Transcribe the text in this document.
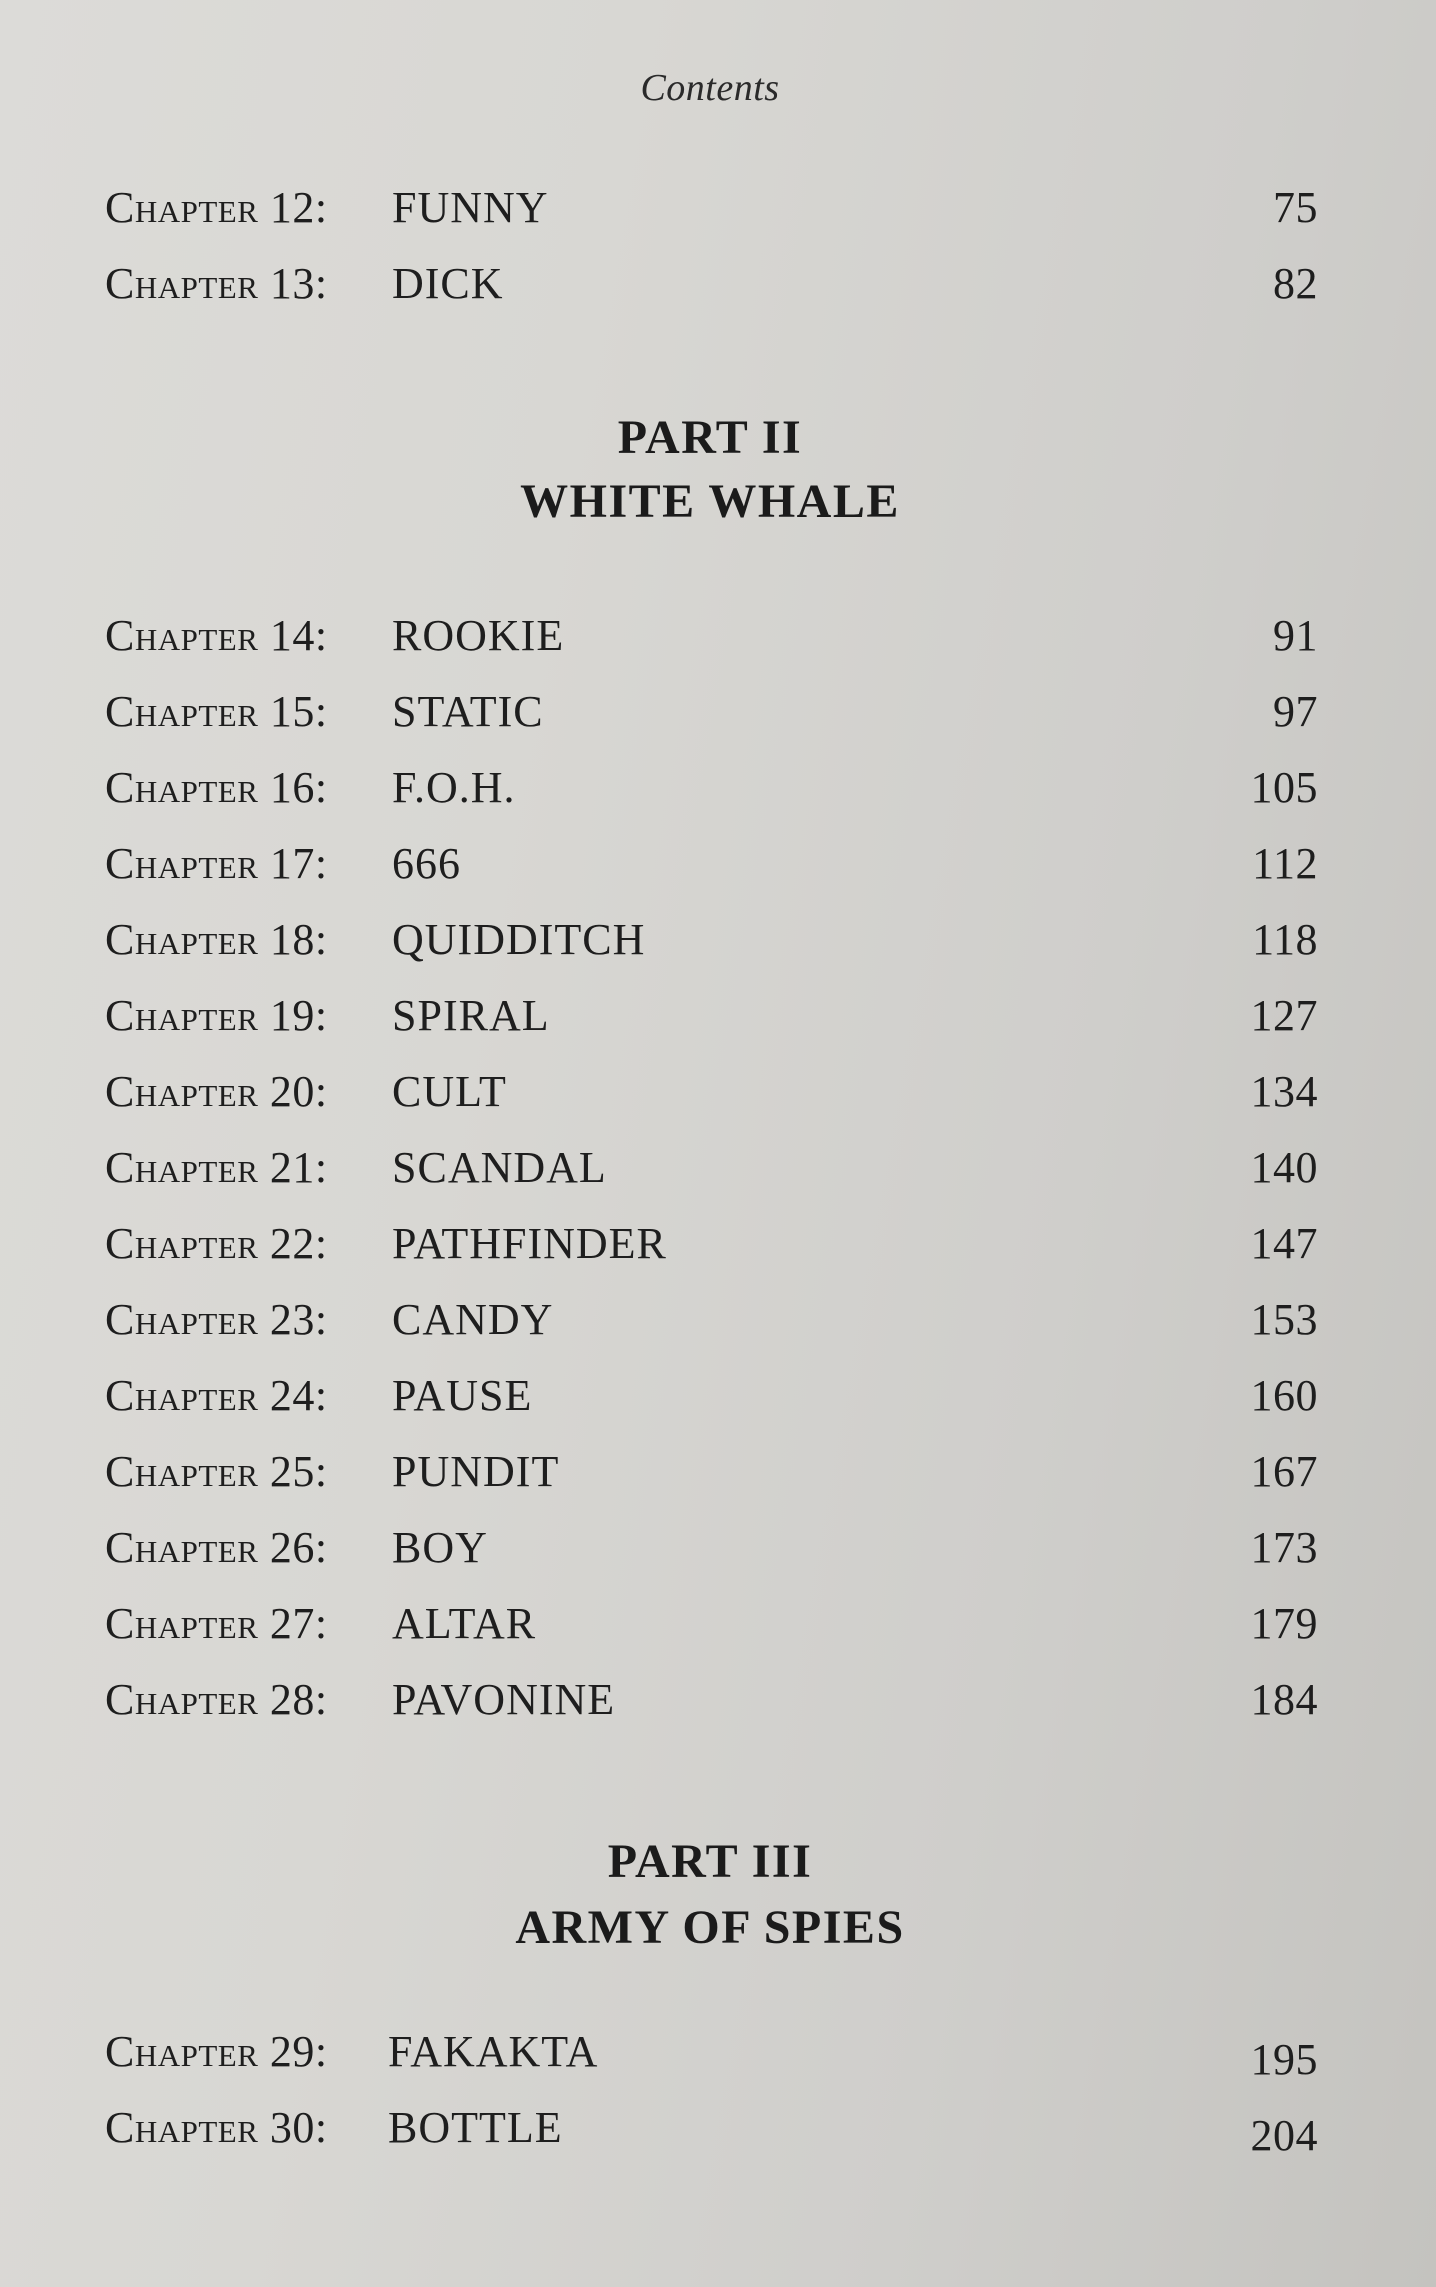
Contents
Chapter 12: FUNNY	75
Chapter 13: DICK	82
PART II
WHITE WHALE
Chapter 14: ROOKIE	91
Chapter 15: STATIC	97
Chapter 16: F.O.H.	105
Chapter 17: 666	112
Chapter 18: QUIDDITCH	118
Chapter 19: SPIRAL	127
Chapter 20: CULT	134
Chapter 21: SCANDAL	140
Chapter 22: PATHFINDER	147
Chapter 23: CANDY	153
Chapter 24: PAUSE	160
Chapter 25: PUNDIT	167
Chapter 26: BOY	173
Chapter 27: ALTAR	179
Chapter 28: PAVONINE	184
PART III
ARMY OF SPIES
Chapter 29: FAKAKTA	195
Chapter 30: BOTTLE	204
